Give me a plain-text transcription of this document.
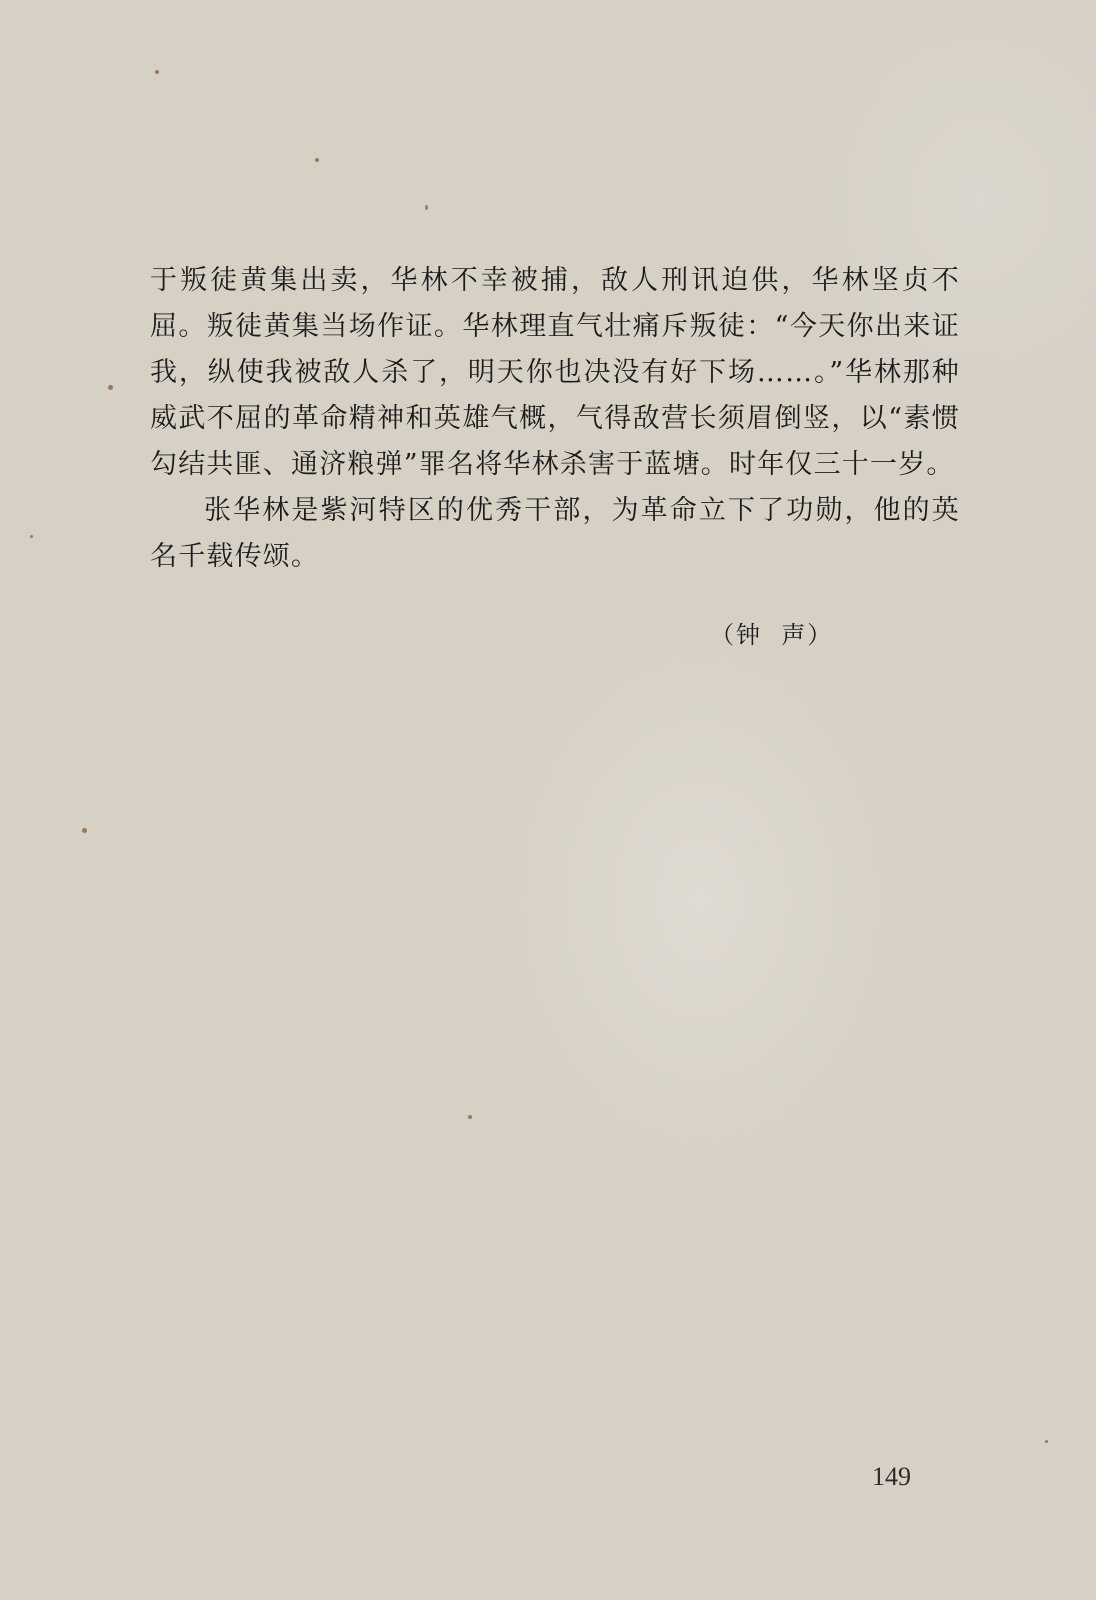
于叛徒黄集出卖，华林不幸被捕，敌人刑讯迫供，华林坚贞不屈。叛徒黄集当场作证。华林理直气壮痛斥叛徒：“今天你出来证我，纵使我被敌人杀了，明天你也决没有好下场……。”华林那种威武不屈的革命精神和英雄气概，气得敌营长须眉倒竖，以“素惯勾结共匪、通济粮弹”罪名将华林杀害于蓝塘。时年仅三十一岁。

张华林是紫河特区的优秀干部，为革命立下了功勋，他的英名千载传颂。

（钟  声）
149
